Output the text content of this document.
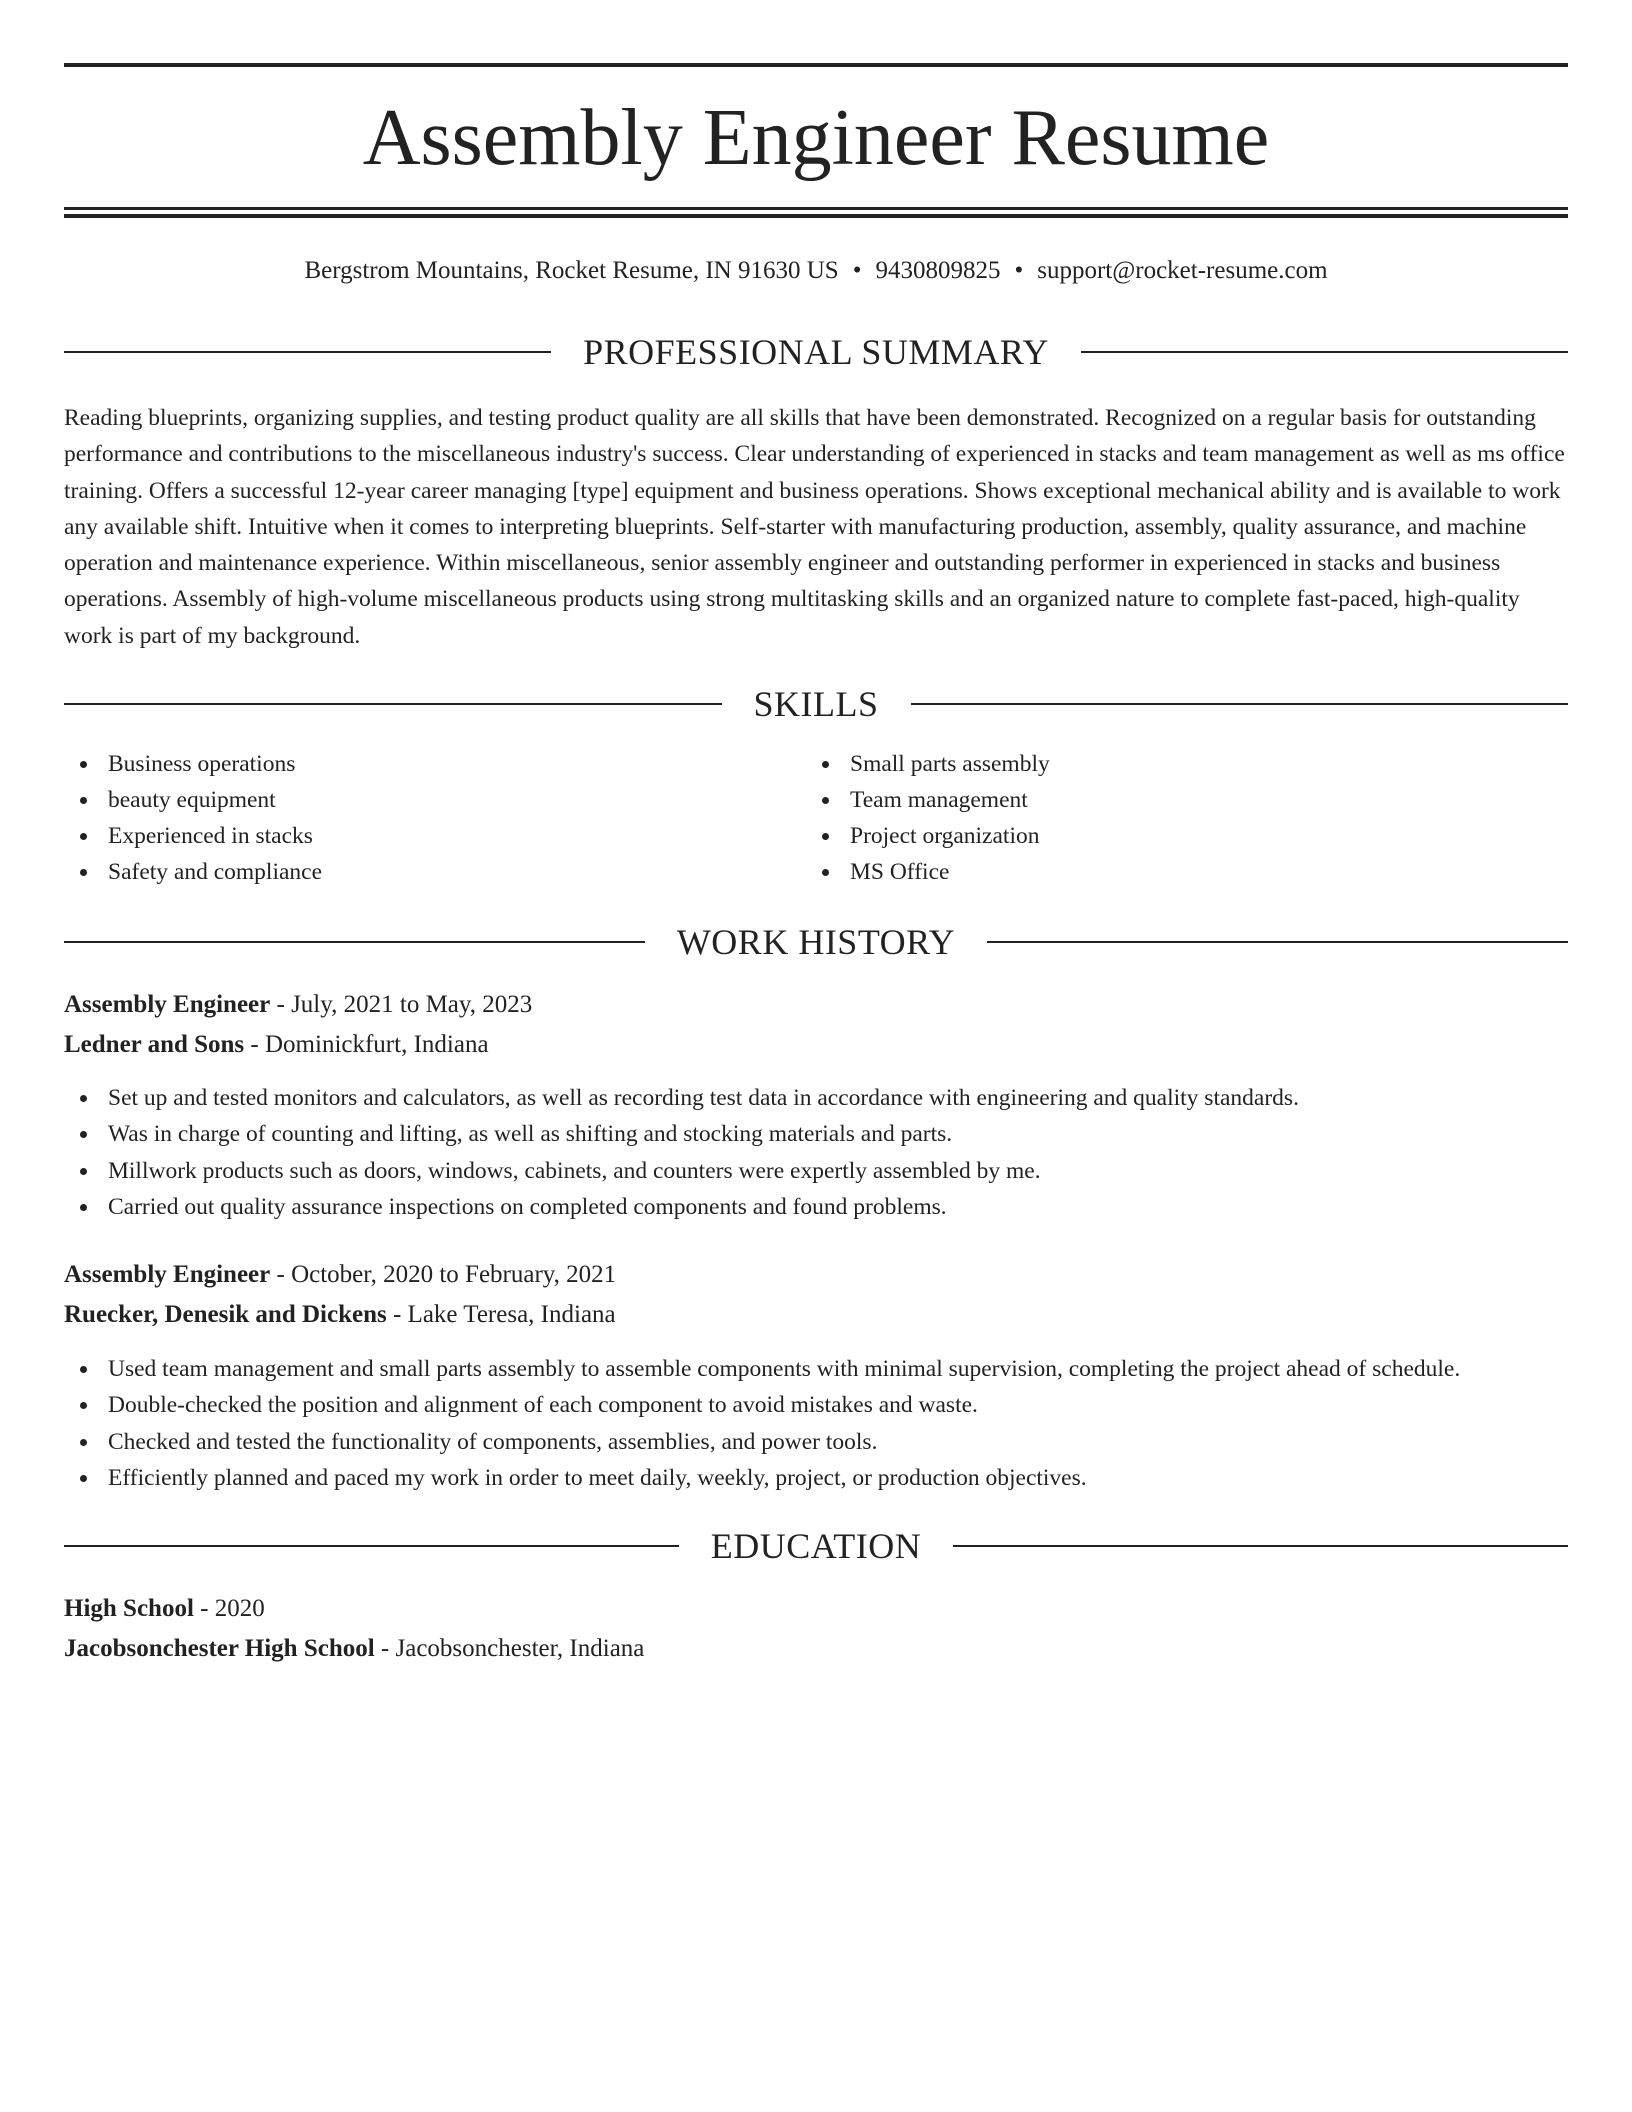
Assembly Engineer Resume
Bergstrom Mountains, Rocket Resume, IN 91630 US • 9430809825 • support@rocket-resume.com
PROFESSIONAL SUMMARY

Reading blueprints, organizing supplies, and testing product quality are all skills that have been demonstrated. Recognized on a regular basis for outstanding performance and contributions to the miscellaneous industry's success. Clear understanding of experienced in stacks and team management as well as ms office training. Offers a successful 12-year career managing [type] equipment and business operations. Shows exceptional mechanical ability and is available to work any available shift. Intuitive when it comes to interpreting blueprints. Self-starter with manufacturing production, assembly, quality assurance, and machine operation and maintenance experience. Within miscellaneous, senior assembly engineer and outstanding performer in experienced in stacks and business operations. Assembly of high-volume miscellaneous products using strong multitasking skills and an organized nature to complete fast-paced, high-quality work is part of my background.

SKILLS
Business operations
beauty equipment
Experienced in stacks
Safety and compliance
Small parts assembly
Team management
Project organization
MS Office
WORK HISTORY
Assembly Engineer - July, 2021 to May, 2023
Ledner and Sons - Dominickfurt, Indiana
Set up and tested monitors and calculators, as well as recording test data in accordance with engineering and quality standards.
Was in charge of counting and lifting, as well as shifting and stocking materials and parts.
Millwork products such as doors, windows, cabinets, and counters were expertly assembled by me.
Carried out quality assurance inspections on completed components and found problems.
Assembly Engineer - October, 2020 to February, 2021
Ruecker, Denesik and Dickens - Lake Teresa, Indiana
Used team management and small parts assembly to assemble components with minimal supervision, completing the project ahead of schedule.
Double-checked the position and alignment of each component to avoid mistakes and waste.
Checked and tested the functionality of components, assemblies, and power tools.
Efficiently planned and paced my work in order to meet daily, weekly, project, or production objectives.
EDUCATION
High School - 2020
Jacobsonchester High School - Jacobsonchester, Indiana
